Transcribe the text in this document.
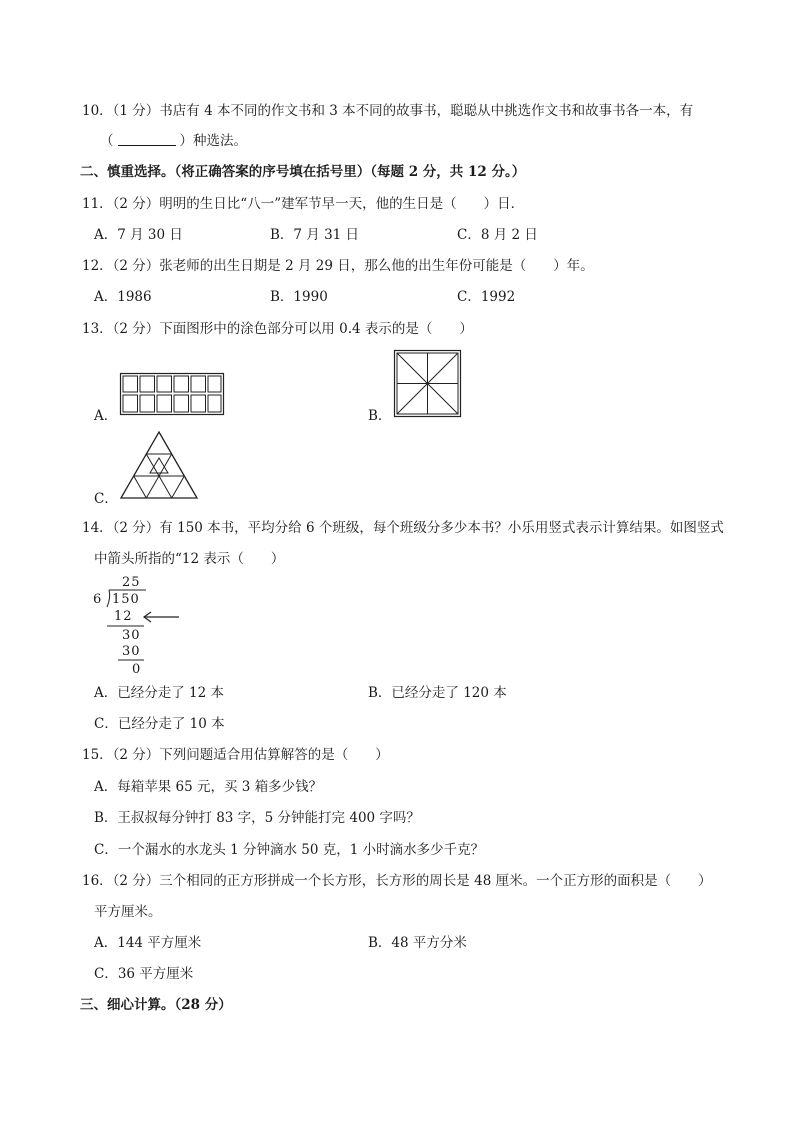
10．（1 分）书店有 4 本不同的作文书和 3 本不同的故事书，聪聪从中挑选作文书和故事书各一本，有
（	）种选法。
二、慎重选择。（将正确答案的序号填在括号里）（每题 2 分，共 12 分。）
11．（2 分）明明的生日比“八一”建军节早一天，他的生日是（　　）日．
A．7 月 30 日	B．7 月 31 日	C．8 月 2 日
12．（2 分）张老师的出生日期是 2 月 29 日，那么他的出生年份可能是（　　）年。
A．1986	B．1990	C．1992
13．（2 分）下面图形中的涂色部分可以用 0.4 表示的是（　　）
A．	B．
C．
14．（2 分）有 150 本书，平均分给 6 个班级，每个班级分多少本书？小乐用竖式表示计算结果。如图竖式
中箭头所指的“12 表示（　　）
25
6 150
12
30
30
0
A．已经分走了 12 本	B．已经分走了 120 本
C．已经分走了 10 本
15．（2 分）下列问题适合用估算解答的是（　　）
A．每箱苹果 65 元，买 3 箱多少钱？
B．王叔叔每分钟打 83 字，5 分钟能打完 400 字吗？
C．一个漏水的水龙头 1 分钟滴水 50 克，1 小时滴水多少千克？
16．（2 分）三个相同的正方形拼成一个长方形，长方形的周长是 48 厘米。一个正方形的面积是（　　）
平方厘米。
A．144 平方厘米	B．48 平方分米
C．36 平方厘米
三、细心计算。（28 分）
